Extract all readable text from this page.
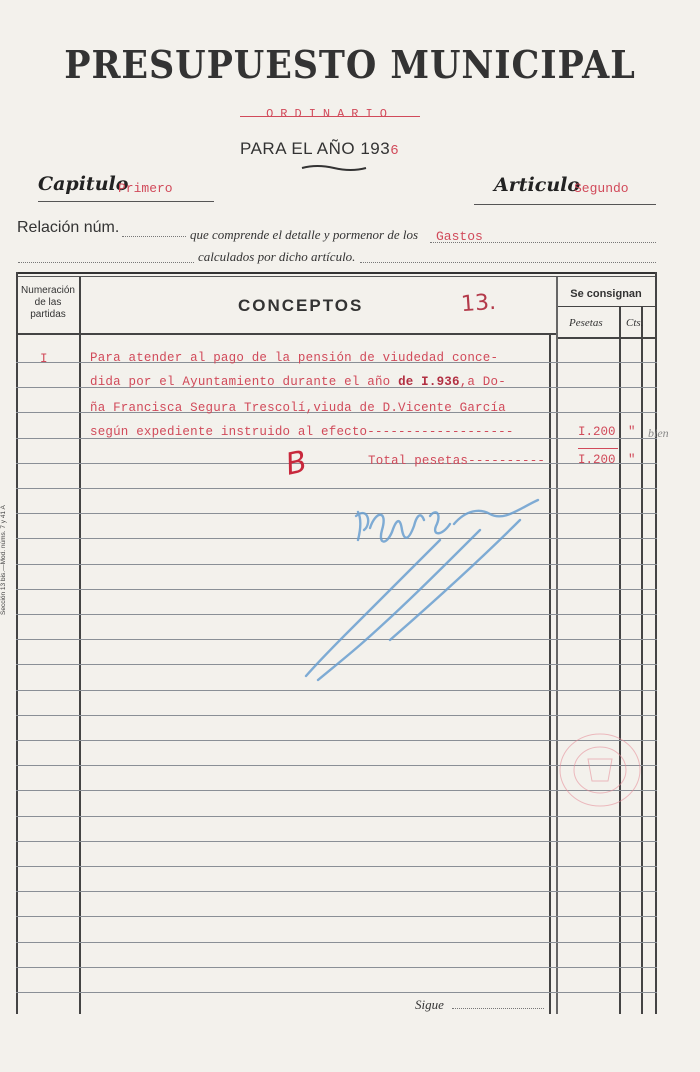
PRESUPUESTO MUNICIPAL
ORDINARIO
PARA EL AÑO 1936
Capitulo
Primero	Articulo
Segundo
Relación núm.	que comprende el detalle y pormenor de los Gastos
calculados por dicho artículo.
Numeración de las partidas	CONCEPTOS	13.	Se consignan
Pesetas Cts.
I	Para atender al pago de la pensión de viudedad conce-
dida por el Ayuntamiento durante el año de I.936,a Do-
ña Francisca Segura Trescolí,viuda de D.Vicente García
según expediente instruido al efecto-------------------	I.200 " bien
B	Total pesetas----------	I.200 "
Sección 13 bis.—Mod. núms. 7 y 41 A
Sigue
